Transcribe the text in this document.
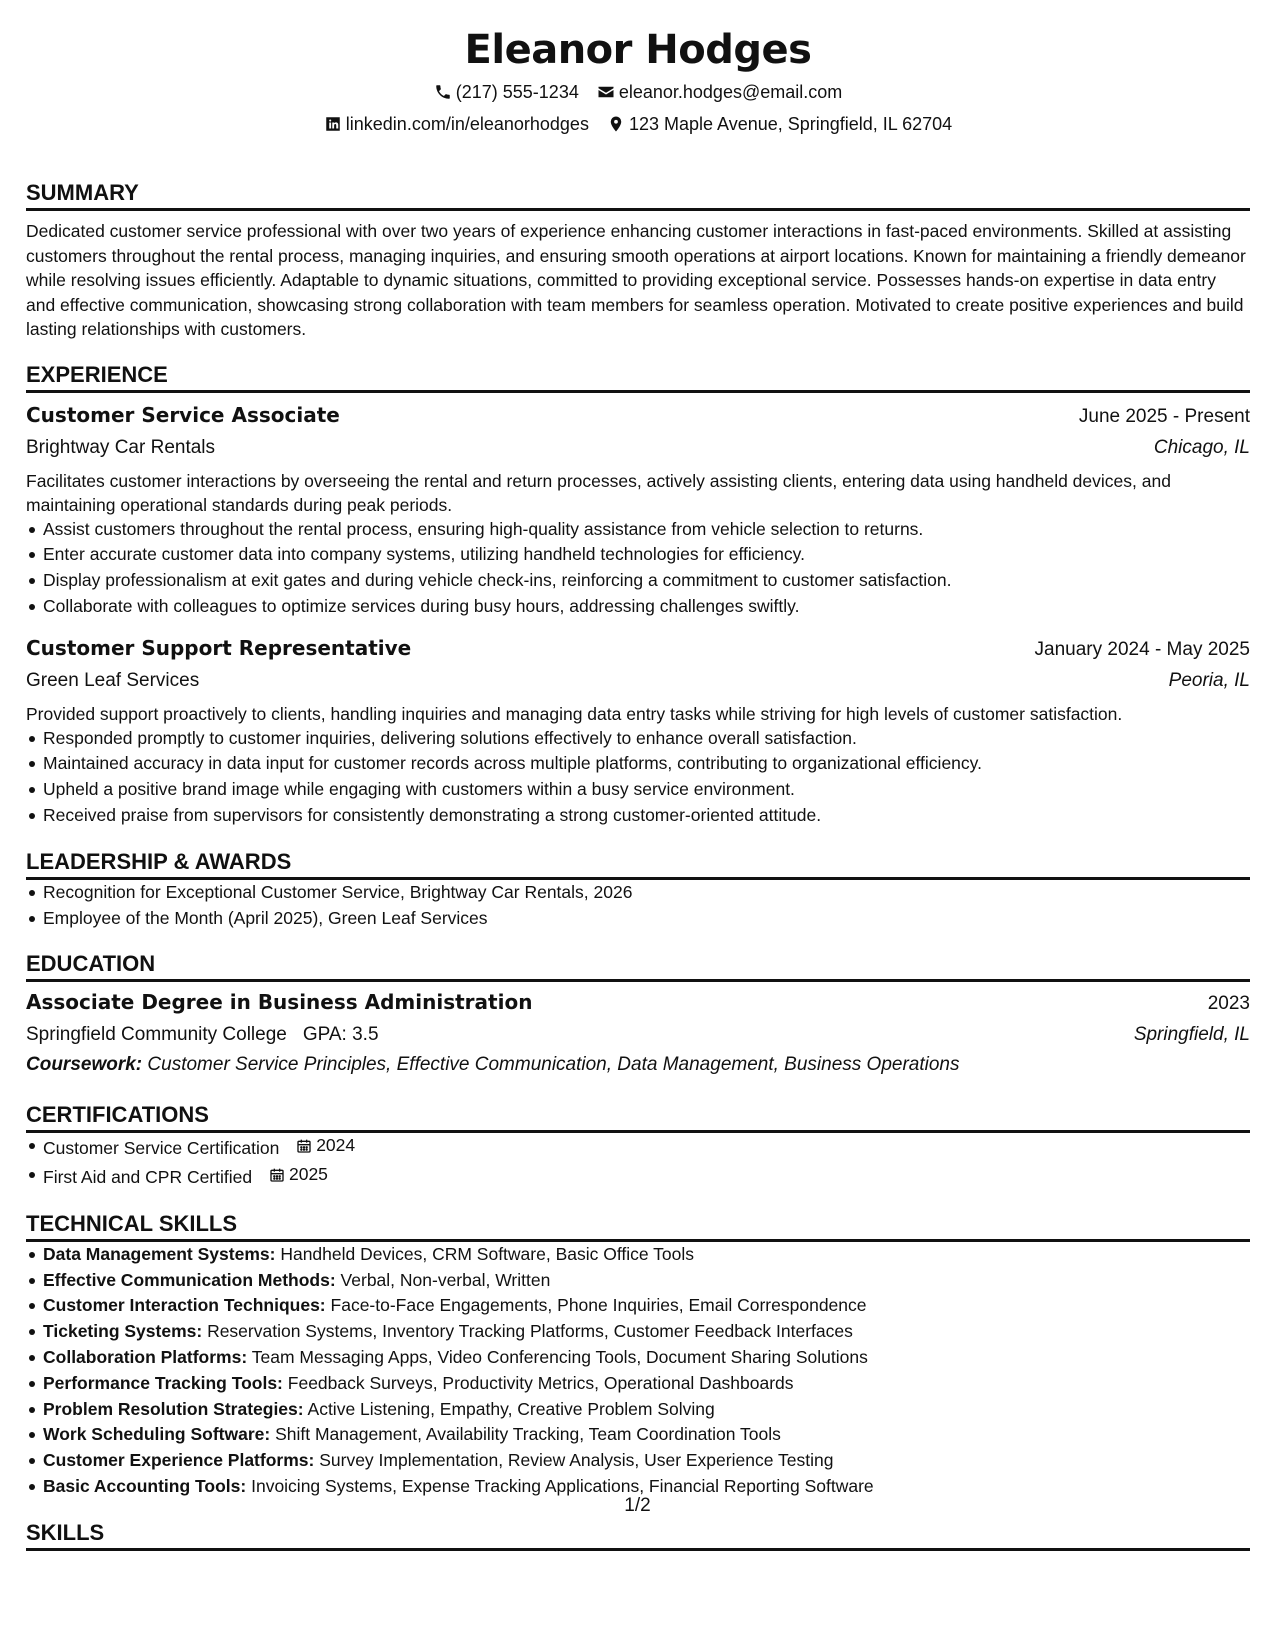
Eleanor Hodges
(217) 555-1234 eleanor.hodges@email.com
linkedin.com/in/eleanorhodges 123 Maple Avenue, Springfield, IL 62704
SUMMARY

Dedicated customer service professional with over two years of experience enhancing customer interactions in fast-paced environments. Skilled at assisting customers throughout the rental process, managing inquiries, and ensuring smooth operations at airport locations. Known for maintaining a friendly demeanor while resolving issues efficiently. Adaptable to dynamic situations, committed to providing exceptional service. Possesses hands-on expertise in data entry and effective communication, showcasing strong collaboration with team members for seamless operation. Motivated to create positive experiences and build lasting relationships with customers.

EXPERIENCE
Customer Service Associate	June 2025 - Present
Brightway Car Rentals	Chicago, IL

Facilitates customer interactions by overseeing the rental and return processes, actively assisting clients, entering data using handheld devices, and maintaining operational standards during peak periods.

Assist customers throughout the rental process, ensuring high-quality assistance from vehicle selection to returns.
Enter accurate customer data into company systems, utilizing handheld technologies for efficiency.
Display professionalism at exit gates and during vehicle check-ins, reinforcing a commitment to customer satisfaction.
Collaborate with colleagues to optimize services during busy hours, addressing challenges swiftly.
Customer Support Representative	January 2024 - May 2025
Green Leaf Services	Peoria, IL

Provided support proactively to clients, handling inquiries and managing data entry tasks while striving for high levels of customer satisfaction.

Responded promptly to customer inquiries, delivering solutions effectively to enhance overall satisfaction.
Maintained accuracy in data input for customer records across multiple platforms, contributing to organizational efficiency.
Upheld a positive brand image while engaging with customers within a busy service environment.
Received praise from supervisors for consistently demonstrating a strong customer-oriented attitude.
LEADERSHIP & AWARDS
Recognition for Exceptional Customer Service, Brightway Car Rentals, 2026
Employee of the Month (April 2025), Green Leaf Services
EDUCATION
Associate Degree in Business Administration	2023
Springfield Community College GPA: 3.5	Springfield, IL
Coursework: Customer Service Principles, Effective Communication, Data Management, Business Operations
CERTIFICATIONS
Customer Service Certification 2024
First Aid and CPR Certified 2025
TECHNICAL SKILLS
Data Management Systems: Handheld Devices, CRM Software, Basic Office Tools
Effective Communication Methods: Verbal, Non-verbal, Written
Customer Interaction Techniques: Face-to-Face Engagements, Phone Inquiries, Email Correspondence
Ticketing Systems: Reservation Systems, Inventory Tracking Platforms, Customer Feedback Interfaces
Collaboration Platforms: Team Messaging Apps, Video Conferencing Tools, Document Sharing Solutions
Performance Tracking Tools: Feedback Surveys, Productivity Metrics, Operational Dashboards
Problem Resolution Strategies: Active Listening, Empathy, Creative Problem Solving
Work Scheduling Software: Shift Management, Availability Tracking, Team Coordination Tools
Customer Experience Platforms: Survey Implementation, Review Analysis, User Experience Testing
Basic Accounting Tools: Invoicing Systems, Expense Tracking Applications, Financial Reporting Software
SKILLS
1/2
